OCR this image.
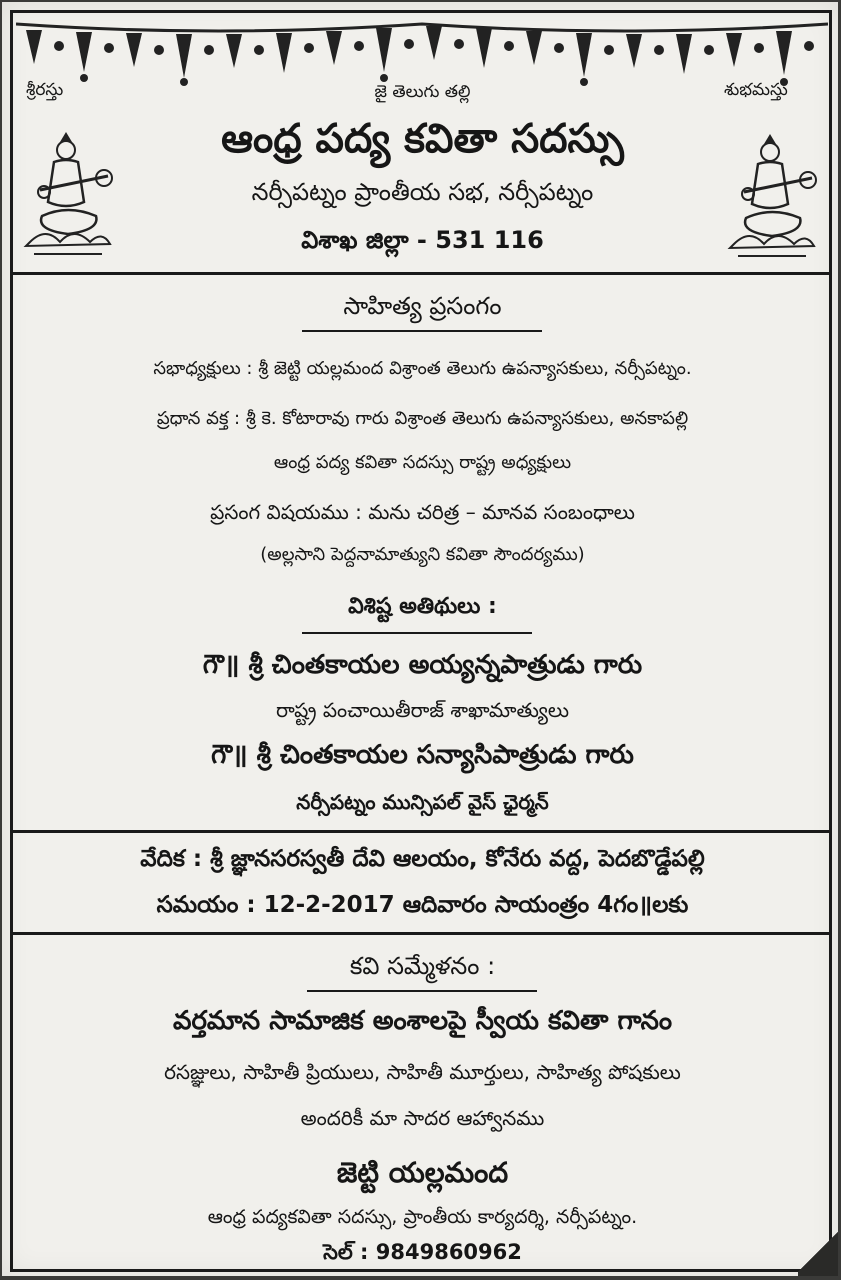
శ్రీరస్తు	జై తెలుగు తల్లి	శుభమస్తు
ఆంధ్ర పద్య కవితా సదస్సు
నర్సీపట్నం ప్రాంతీయ సభ, నర్సీపట్నం
విశాఖ జిల్లా - 531 116
సాహిత్య ప్రసంగం
సభాధ్యక్షులు : శ్రీ జెట్టి యల్లమంద విశ్రాంత తెలుగు ఉపన్యాసకులు, నర్సీపట్నం.
ప్రధాన వక్త : శ్రీ కె. కోటారావు గారు విశ్రాంత తెలుగు ఉపన్యాసకులు, అనకాపల్లి
ఆంధ్ర పద్య కవితా సదస్సు రాష్ట్ర అధ్యక్షులు
ప్రసంగ విషయము : మను చరిత్ర – మానవ సంబంధాలు
(అల్లసాని పెద్దనామాత్యుని కవితా సౌందర్యము)
విశిష్ట అతిథులు :
గౌ॥ శ్రీ చింతకాయల అయ్యన్నపాత్రుడు గారు
రాష్ట్ర పంచాయితీరాజ్ శాఖామాత్యులు
గౌ॥ శ్రీ చింతకాయల సన్యాసిపాత్రుడు గారు
నర్సీపట్నం మున్సిపల్ వైస్ ఛైర్మన్
వేదిక : శ్రీ జ్ఞానసరస్వతీ దేవి ఆలయం, కోనేరు వద్ద, పెదబొడ్డేపల్లి
సమయం : 12-2-2017 ఆదివారం సాయంత్రం 4గం॥లకు
కవి సమ్మేళనం :
వర్తమాన సామాజిక అంశాలపై స్వీయ కవితా గానం
రసజ్ఞులు, సాహితీ ప్రియులు, సాహితీ మూర్తులు, సాహిత్య పోషకులు
అందరికీ మా సాదర ఆహ్వానము
జెట్టి యల్లమంద
ఆంధ్ర పద్యకవితా సదస్సు, ప్రాంతీయ కార్యదర్శి, నర్సీపట్నం.
సెల్ : 9849860962
